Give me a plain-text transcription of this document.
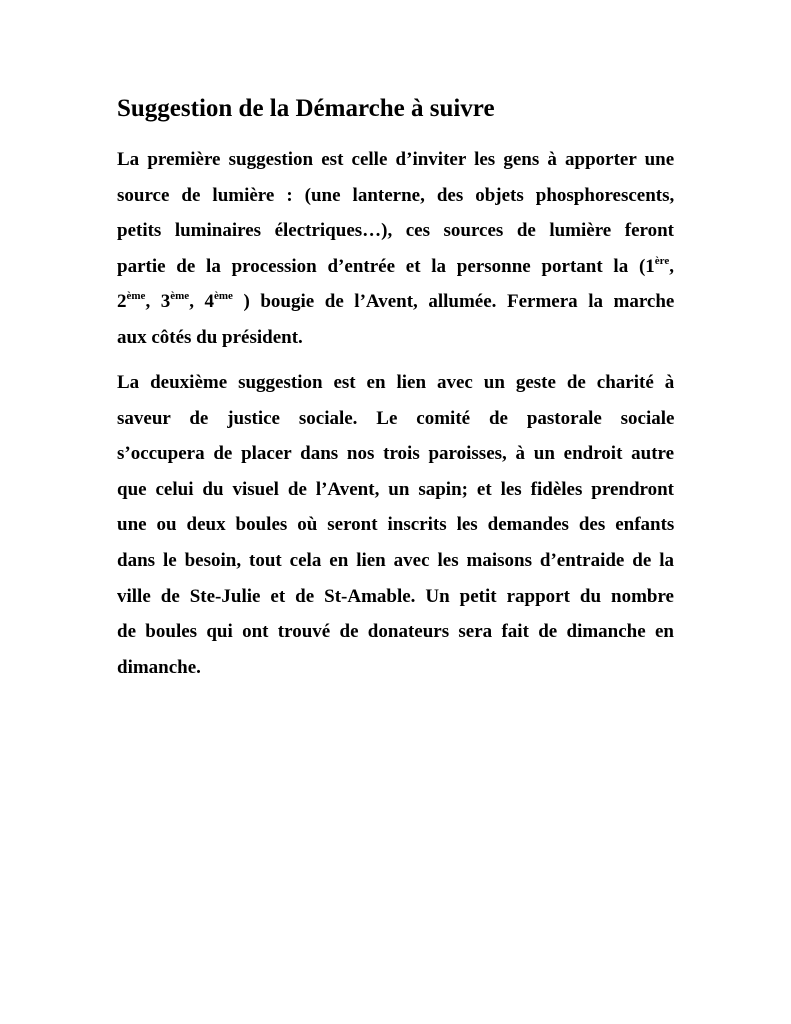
Suggestion de la Démarche à suivre
La première suggestion est celle d’inviter les gens à apporter une
source de lumière : (une lanterne, des objets phosphorescents,
petits luminaires électriques…), ces sources de lumière feront
partie de la procession d’entrée et la personne portant la (1ère,
2ème, 3ème, 4ème ) bougie de l’Avent, allumée. Fermera la marche
aux côtés du président.
La deuxième suggestion est en lien avec un geste de charité à
saveur de justice sociale. Le comité de pastorale sociale
s’occupera de placer dans nos trois paroisses, à un endroit autre
que celui du visuel de l’Avent, un sapin; et les fidèles prendront
une ou deux boules où seront inscrits les demandes des enfants
dans le besoin, tout cela en lien avec les maisons d’entraide de la
ville de Ste-Julie et de St-Amable. Un petit rapport du nombre
de boules qui ont trouvé de donateurs sera fait de dimanche en
dimanche.
